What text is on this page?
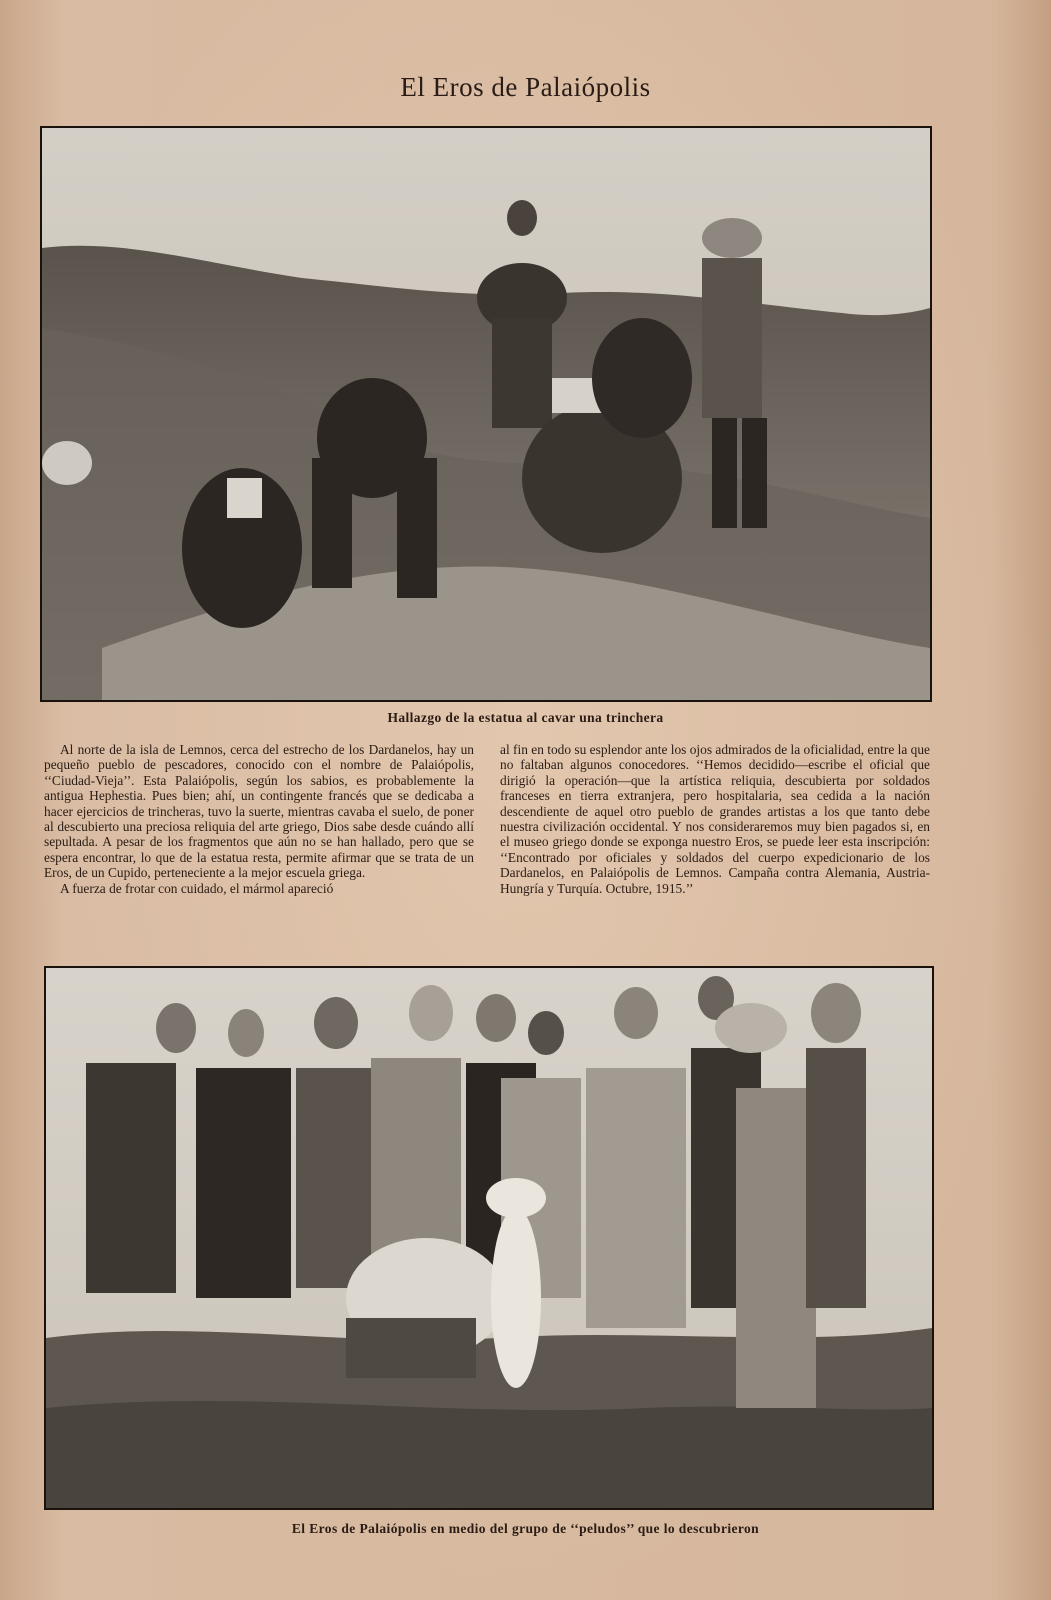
El Eros de Palaiópolis
Hallazgo de la estatua al cavar una trinchera

Al norte de la isla de Lemnos, cerca del estrecho de los Dardanelos, hay un pequeño pueblo de pescadores, conocido con el nombre de Palaiópolis, ‘‘Ciudad-Vieja’’. Esta Palaiópolis, según los sabios, es probablemente la antigua Hephestia. Pues bien; ahí, un contingente francés que se dedicaba a hacer ejercicios de trincheras, tuvo la suerte, mientras cavaba el suelo, de poner al descubierto una preciosa reliquia del arte griego, Dios sabe desde cuándo allí sepultada. A pesar de los fragmentos que aún no se han hallado, pero que se espera encontrar, lo que de la estatua resta, permite afirmar que se trata de un Eros, de un Cupido, perteneciente a la mejor escuela griega.

A fuerza de frotar con cuidado, el mármol apareció

al fin en todo su esplendor ante los ojos admirados de la oficialidad, entre la que no faltaban algunos conocedores. ‘‘Hemos decidido—escribe el oficial que dirigió la operación—que la artística reliquia, descubierta por soldados franceses en tierra extranjera, pero hospitalaria, sea cedida a la nación descendiente de aquel otro pueblo de grandes artistas a los que tanto debe nuestra civilización occidental. Y nos consideraremos muy bien pagados si, en el museo griego donde se exponga nuestro Eros, se puede leer esta inscripción: ‘‘Encontrado por oficiales y soldados del cuerpo expedicionario de los Dardanelos, en Palaiópolis de Lemnos. Campaña contra Alemania, Austria-Hungría y Turquía. Octubre, 1915.’’

El Eros de Palaiópolis en medio del grupo de ‘‘peludos’’ que lo descubrieron
